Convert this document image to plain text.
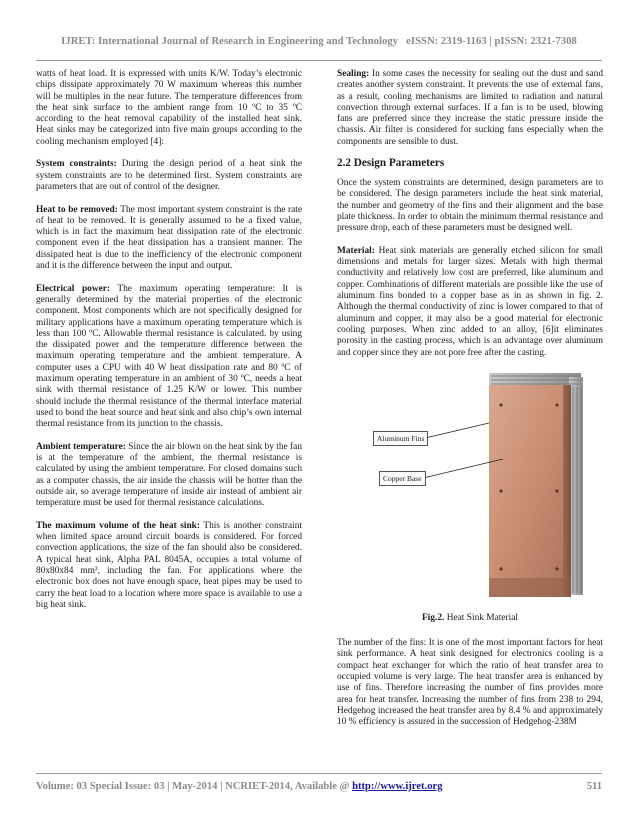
IJRET: International Journal of Research in Engineering and Technology eISSN: 2319-1163 | pISSN: 2321-7308

watts of heat load. It is expressed with units K/W. Today’s electronic chips dissipate approximately 70 W maximum whereas this number will be multiples in the near future. The temperature differences from the heat sink surface to the ambient range from 10 ºC to 35 ºC according to the heat removal capability of the installed heat sink. Heat sinks may be categorized into five main groups according to the cooling mechanism employed [4]:

System constraints: During the design period of a heat sink the system constraints are to be determined first. System constraints are parameters that are out of control of the designer.

Heat to be removed: The most important system constraint is the rate of heat to be removed. It is generally assumed to be a fixed value, which is in fact the maximum heat dissipation rate of the electronic component even if the heat dissipation has a transient manner. The dissipated heat is due to the inefficiency of the electronic component and it is the difference between the input and output.

Electrical power: The maximum operating temperature: It is generally determined by the material properties of the electronic component. Most components which are not specifically designed for military applications have a maximum operating temperature which is less than 100 ºC. Allowable thermal resistance is calculated. by using the dissipated power and the temperature difference between the maximum operating temperature and the ambient temperature. A computer uses a CPU with 40 W heat dissipation rate and 80 ºC of maximum operating temperature in an ambient of 30 ºC, needs a heat sink with thermal resistance of 1.25 K/W or lower. This number should include the thermal resistance of the thermal interface material used to bond the heat source and heat sink and also chip’s own internal thermal resistance from its junction to the chassis.

Ambient temperature: Since the air blown on the heat sink by the fan is at the temperature of the ambient, the thermal resistance is calculated by using the ambient temperature. For closed domains such as a computer chassis, the air inside the chassis will be hotter than the outside air, so average temperature of inside air instead of ambient air temperature must be used for thermal resistance calculations.

The maximum volume of the heat sink: This is another constraint when limited space around circuit boards is considered. For forced convection applications, the size of the fan should also be considered. A typical heat sink, Alpha PAL 8045A, occupies a total volume of 80x80x84 mm³, including the fan. For applications where the electronic box does not have enough space, heat pipes may be used to carry the heat load to a location where more space is available to use a big heat sink.

Sealing: In some cases the necessity for sealing out the dust and sand creates another system constraint. It prevents the use of external fans, as a result, cooling mechanisms are limited to radiation and natural convection through external surfaces. If a fan is to be used, blowing fans are preferred since they increase the static pressure inside the chassis. Air filter is considered for sucking fans especially when the components are sensible to dust.

2.2 Design Parameters

Once the system constraints are determined, design parameters are to be considered. The design parameters include the heat sink material, the number and geometry of the fins and their alignment and the base plate thickness. In order to obtain the minimum thermal resistance and pressure drop, each of these parameters must be designed well.

Material: Heat sink materials are generally etched silicon for small dimensions and metals for larger sizes. Metals with high thermal conductivity and relatively low cost are preferred, like aluminum and copper. Combinations of different materials are possible like the use of aluminum fins bonded to a copper base as in as shown in fig. 2. Although the thermal conductivity of zinc is lower compared to that of aluminum and copper, it may also be a good material for electronic cooling purposes. When zinc added to an alloy, [6]it eliminates porosity in the casting process, which is an advantage over aluminum and copper since they are not pore free after the casting.

Aluminum Fins
Copper Base
Fig.2. Heat Sink Material

The number of the fins: It is one of the most important factors for heat sink performance. A heat sink designed for electronics cooling is a compact heat exchanger for which the ratio of heat transfer area to occupied volume is very large. The heat transfer area is enhanced by use of fins. Therefore increasing the number of fins provides more area for heat transfer. Increasing the number of fins from 238 to 294, Hedgehog increased the heat transfer area by 8.4 % and approximately 10 % efficiency is assured in the succession of Hedgehog-238M

Volume: 03 Special Issue: 03 | May-2014 | NCRIET-2014, Available @ http://www.ijret.org	511
